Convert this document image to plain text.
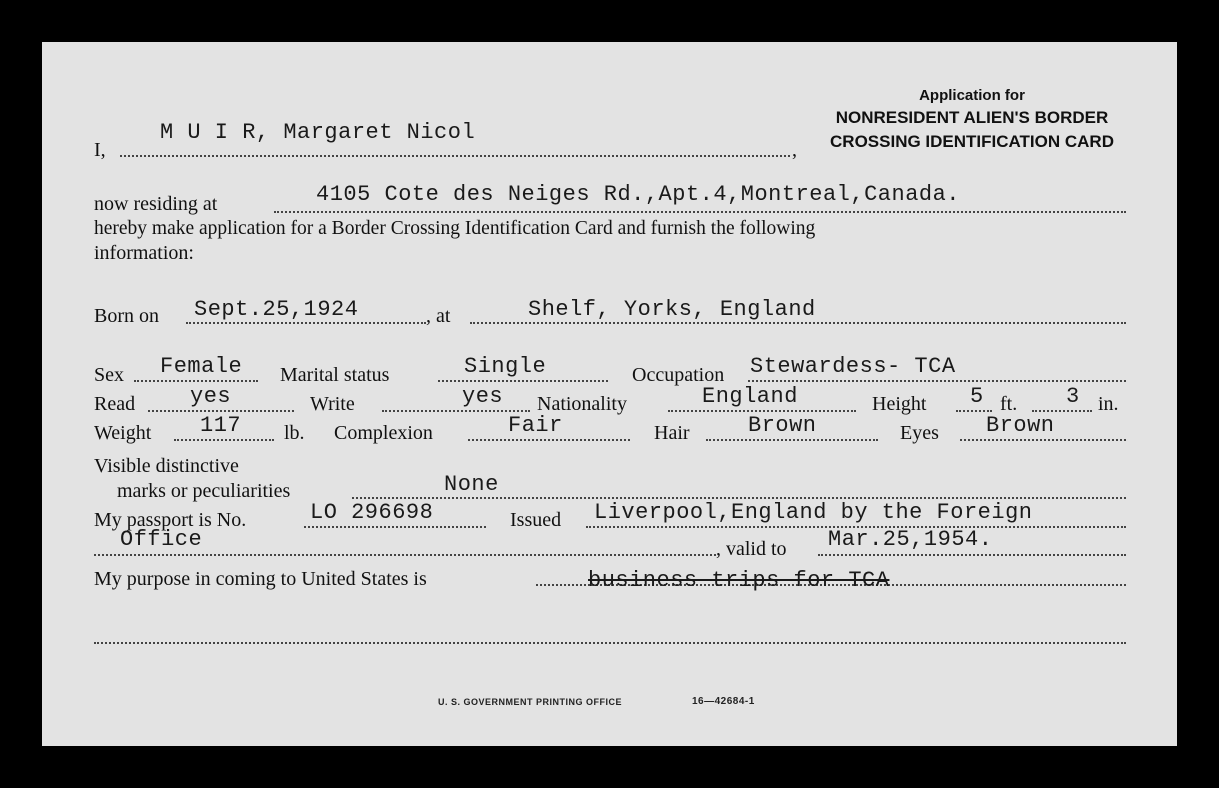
Application for
NONRESIDENT ALIEN'S BORDER
CROSSING IDENTIFICATION CARD
I,
M U I R, Margaret Nicol
,
now residing at	4105 Cote des Neiges Rd.,Apt.4,Montreal,Canada.
hereby make application for a Border Crossing Identification Card and furnish the following
information:
Born on Sept.25,1924	, at	Shelf, Yorks, England
Sex Female Marital status	Single	Occupation Stewardess- TCA
Read yes	Write	yes Nationality	England	Height 5 ft. 3 in.
Weight 117 lb. Complexion	Fair	Hair	Brown	Eyes Brown
Visible distinctive
marks or peculiarities	None
My passport is No.	LO 296698	Issued Liverpool,England by the Foreign
Office	, valid to Mar.25,1954.
My purpose in coming to United States is	business trips for TCA
U. S. GOVERNMENT PRINTING OFFICE	16—42684-1
